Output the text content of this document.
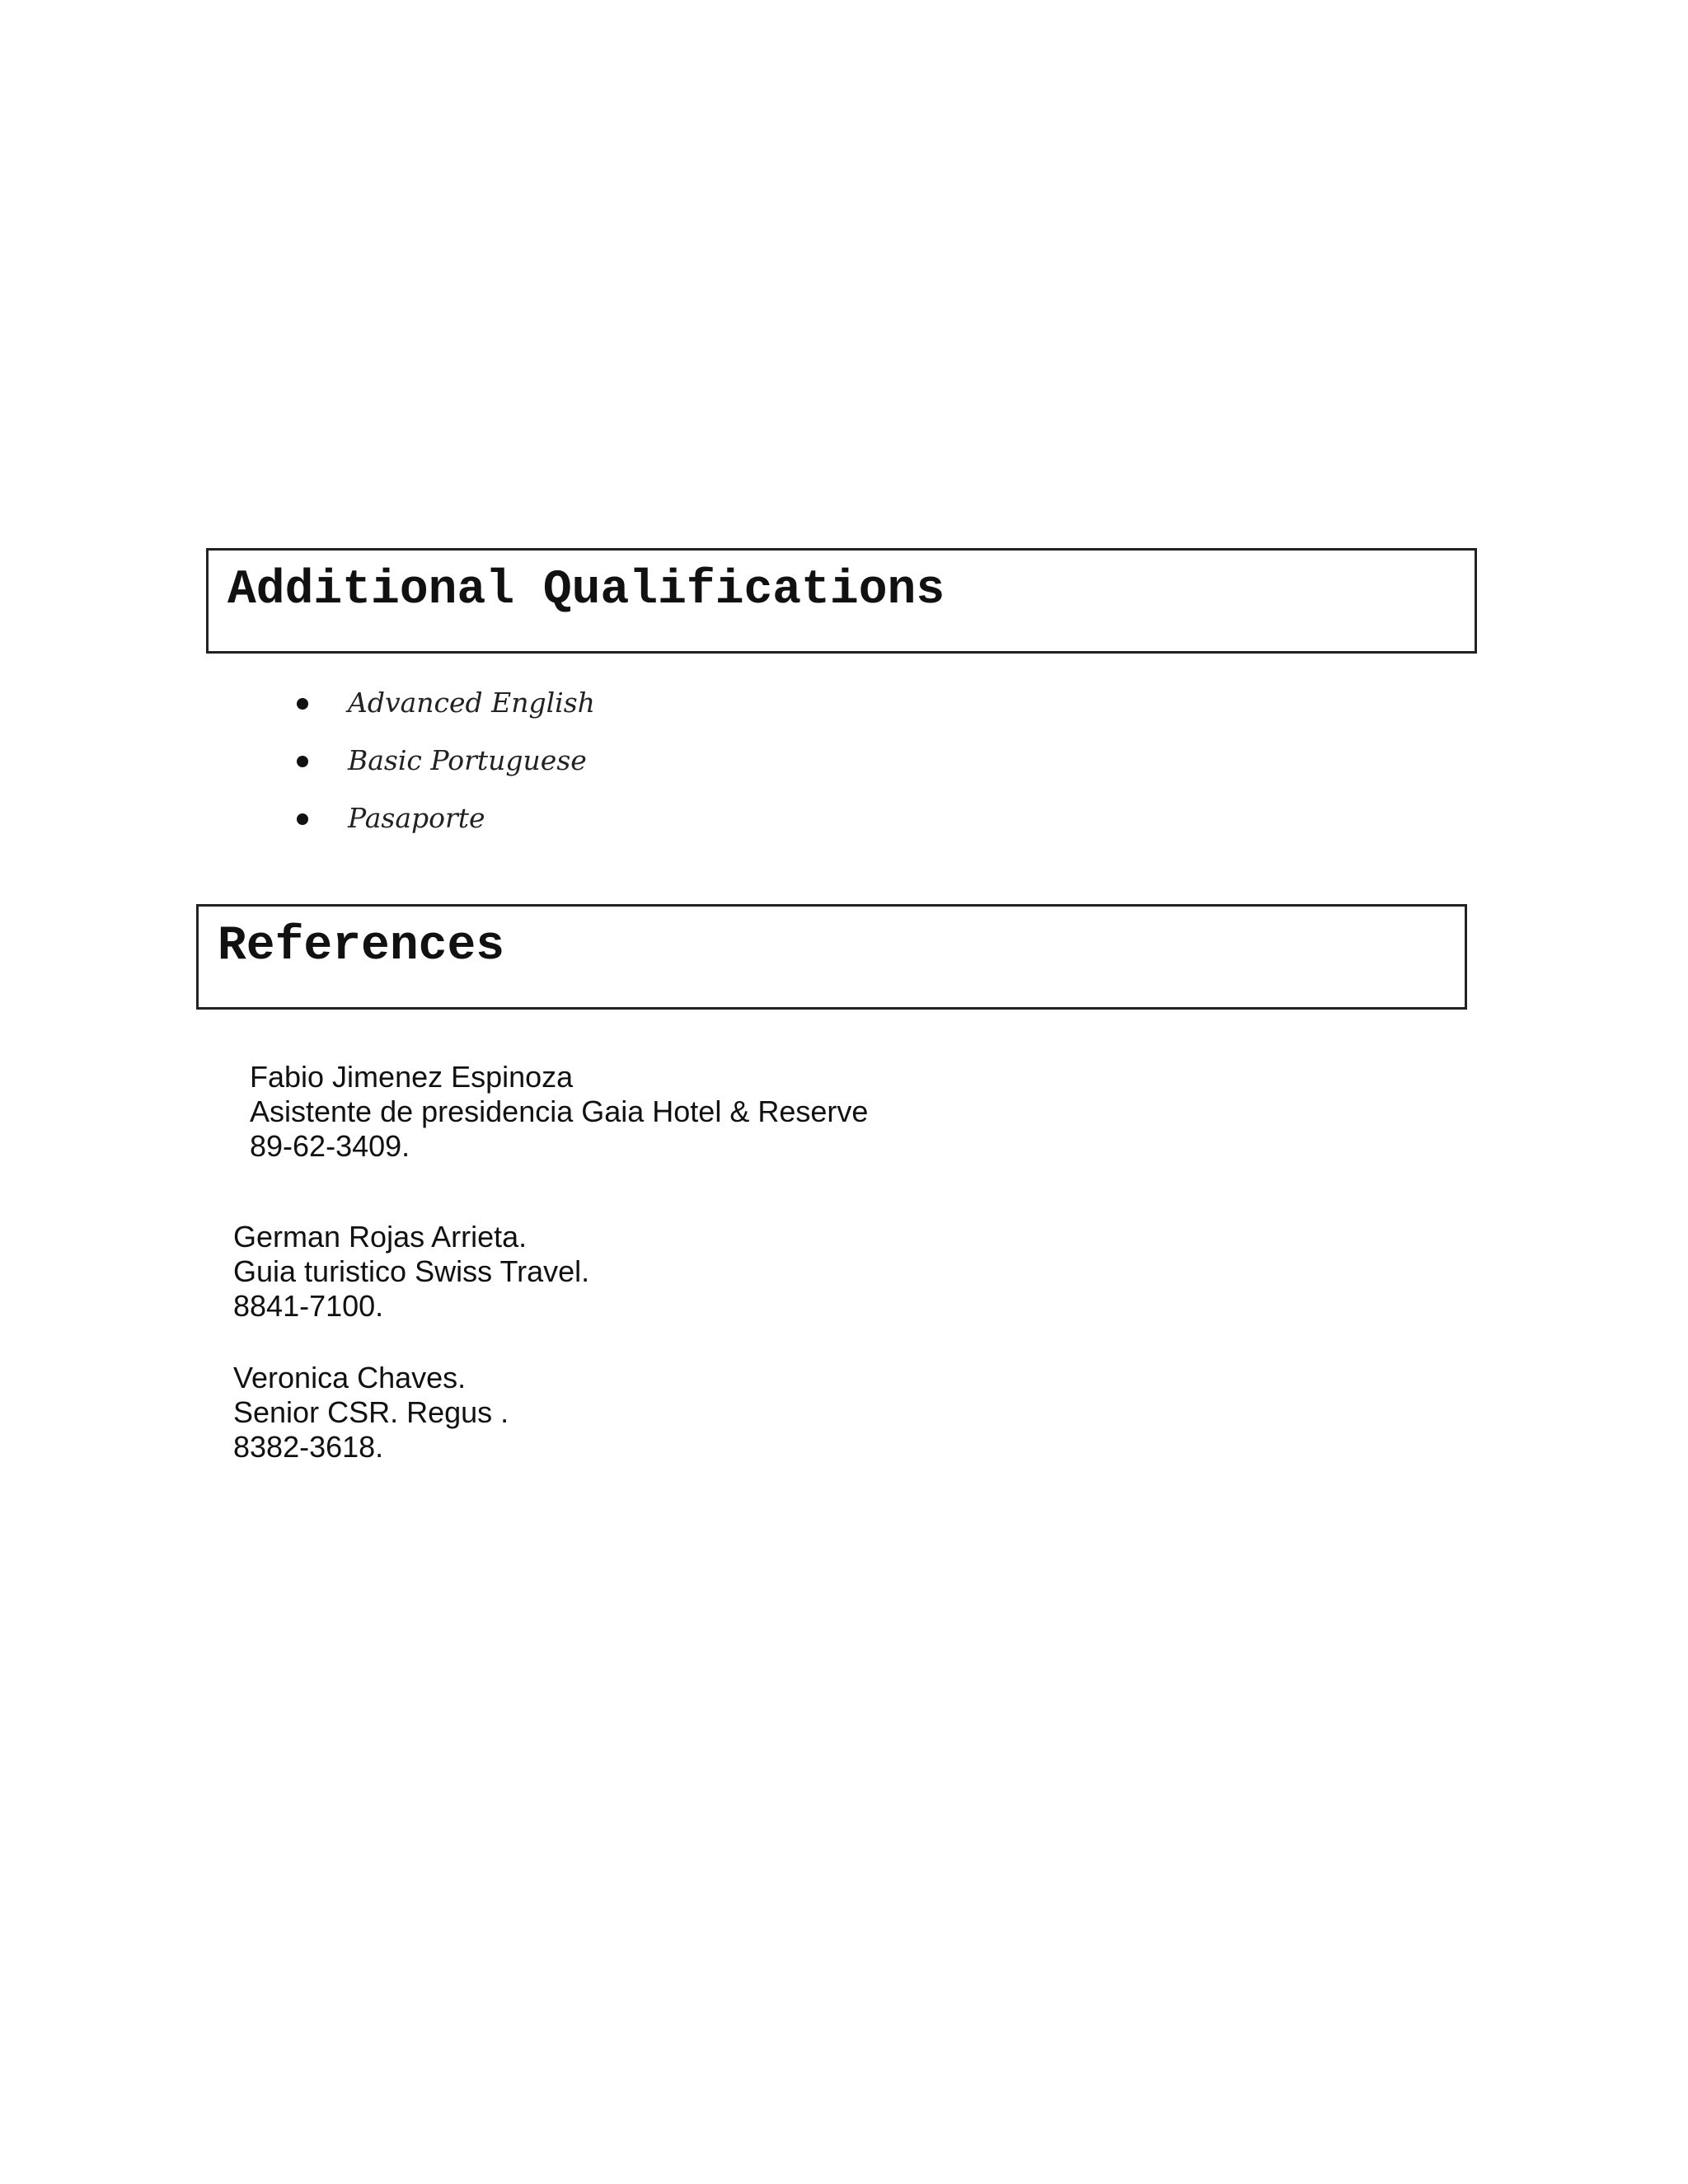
Additional Qualifications
Advanced English
Basic Portuguese
Pasaporte
References
Fabio Jimenez Espinoza
Asistente de presidencia Gaia Hotel & Reserve
89-62-3409.
German Rojas Arrieta.
Guia turistico Swiss Travel.
8841-7100.
Veronica Chaves.
Senior CSR. Regus .
8382-3618.
